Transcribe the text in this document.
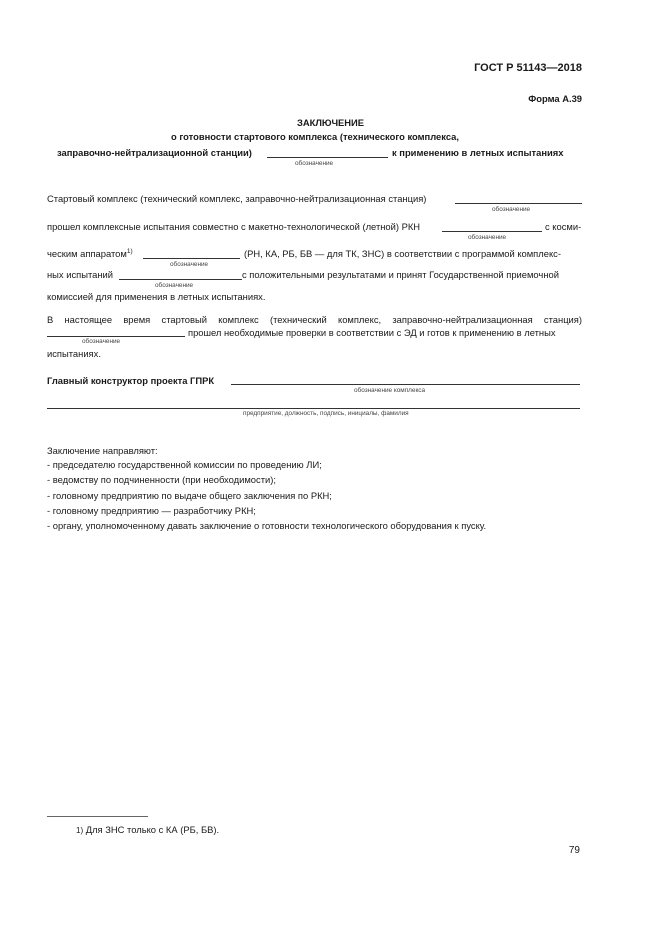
ГОСТ Р 51143—2018
Форма А.39
ЗАКЛЮЧЕНИЕ
о готовности стартового комплекса (технического комплекса,
заправочно-нейтрализационной станции)	к применению в летных испытаниях
обозначение
Стартовый комплекс (технический комплекс, заправочно-нейтрализационная станция)
обозначение
прошел комплексные испытания совместно с макетно-технологической (летной) РКН	с косми-
обозначение
ческим аппаратом$^{1)}$	(РН, КА, РБ, БВ — для ТК, ЗНС) в соответствии с программой комплекс-
обозначение
ных испытаний	с положительными результатами и принят Государственной приемочной
обозначение
комиссией для применения в летных испытаниях.
В настоящее время стартовый комплекс (технический комплекс, заправочно-нейтрализационная станция)
прошел необходимые проверки в соответствии с ЭД и готов к применению в летных
обозначение
испытаниях.
Главный конструктор проекта ГПРК
обозначение комплекса
предприятие, должность, подпись, инициалы, фамилия
Заключение направляют:
- председателю государственной комиссии по проведению ЛИ;
- ведомству по подчиненности (при необходимости);
- головному предприятию по выдаче общего заключения по РКН;
- головному предприятию — разработчику РКН;
- органу, уполномоченному давать заключение о готовности технологического оборудования к пуску.
1) Для ЗНС только с КА (РБ, БВ).
79
